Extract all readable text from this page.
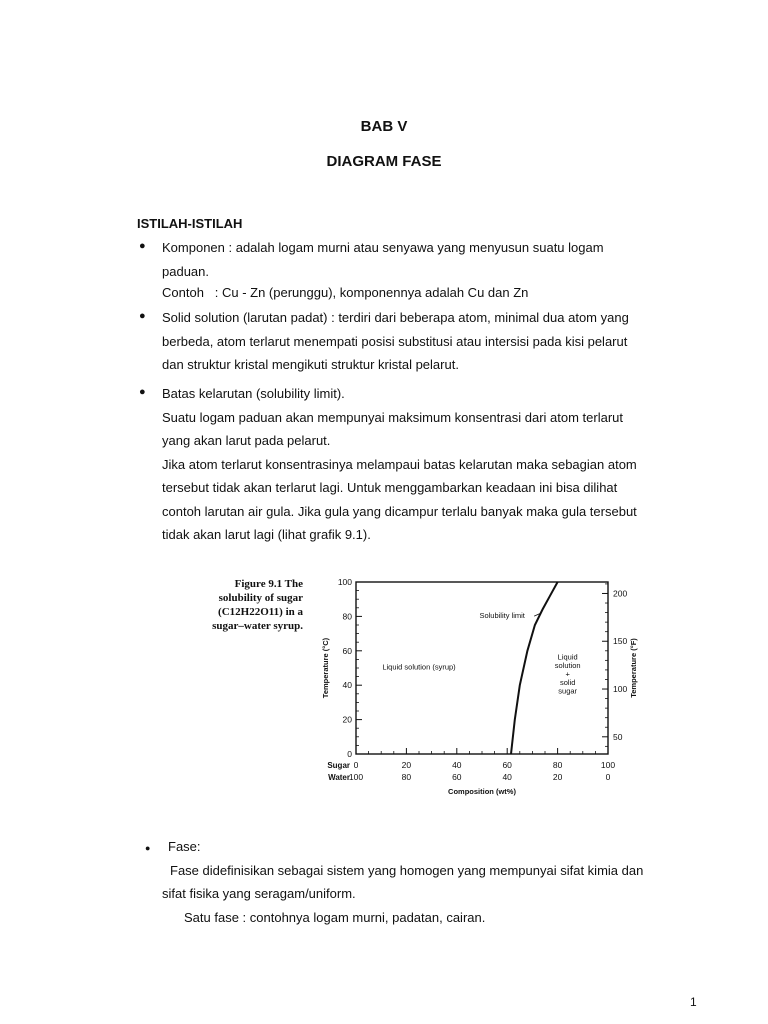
BAB V
DIAGRAM FASE
ISTILAH-ISTILAH
● Komponen : adalah logam murni atau senyawa yang menyusun suatu logam
paduan.
Contoh   : Cu - Zn (perunggu), komponennya adalah Cu dan Zn
● Solid solution (larutan padat) : terdiri dari beberapa atom, minimal dua atom yang
berbeda, atom terlarut menempati posisi substitusi atau intersisi pada kisi pelarut
dan struktur kristal mengikuti struktur kristal pelarut.
● Batas kelarutan (solubility limit).
Suatu logam paduan akan mempunyai maksimum konsentrasi dari atom terlarut
yang akan larut pada pelarut.
Jika atom terlarut konsentrasinya melampaui batas kelarutan maka sebagian atom
tersebut tidak akan terlarut lagi. Untuk menggambarkan keadaan ini bisa dilihat
contoh larutan air gula. Jika gula yang dicampur terlalu banyak maka gula tersebut
tidak akan larut lagi (lihat grafik 9.1).
Figure 9.1 The
solubility of sugar
(C12H22O11) in a
sugar–water syrup.
0
20
40
60
80
100
50
100
150
200
Sugar 0	20	40	60	80	100
Water
100	80	60	40	20	0
Composition (wt%)
Temperature (°C)	Temperature (°F)
Solubility limit
Liquid solution (syrup)
Liquid
solution
+
solid
sugar
● Fase:
Fase didefinisikan sebagai sistem yang homogen yang mempunyai sifat kimia dan
sifat fisika yang seragam/uniform.
Satu fase : contohnya logam murni, padatan, cairan.
1
